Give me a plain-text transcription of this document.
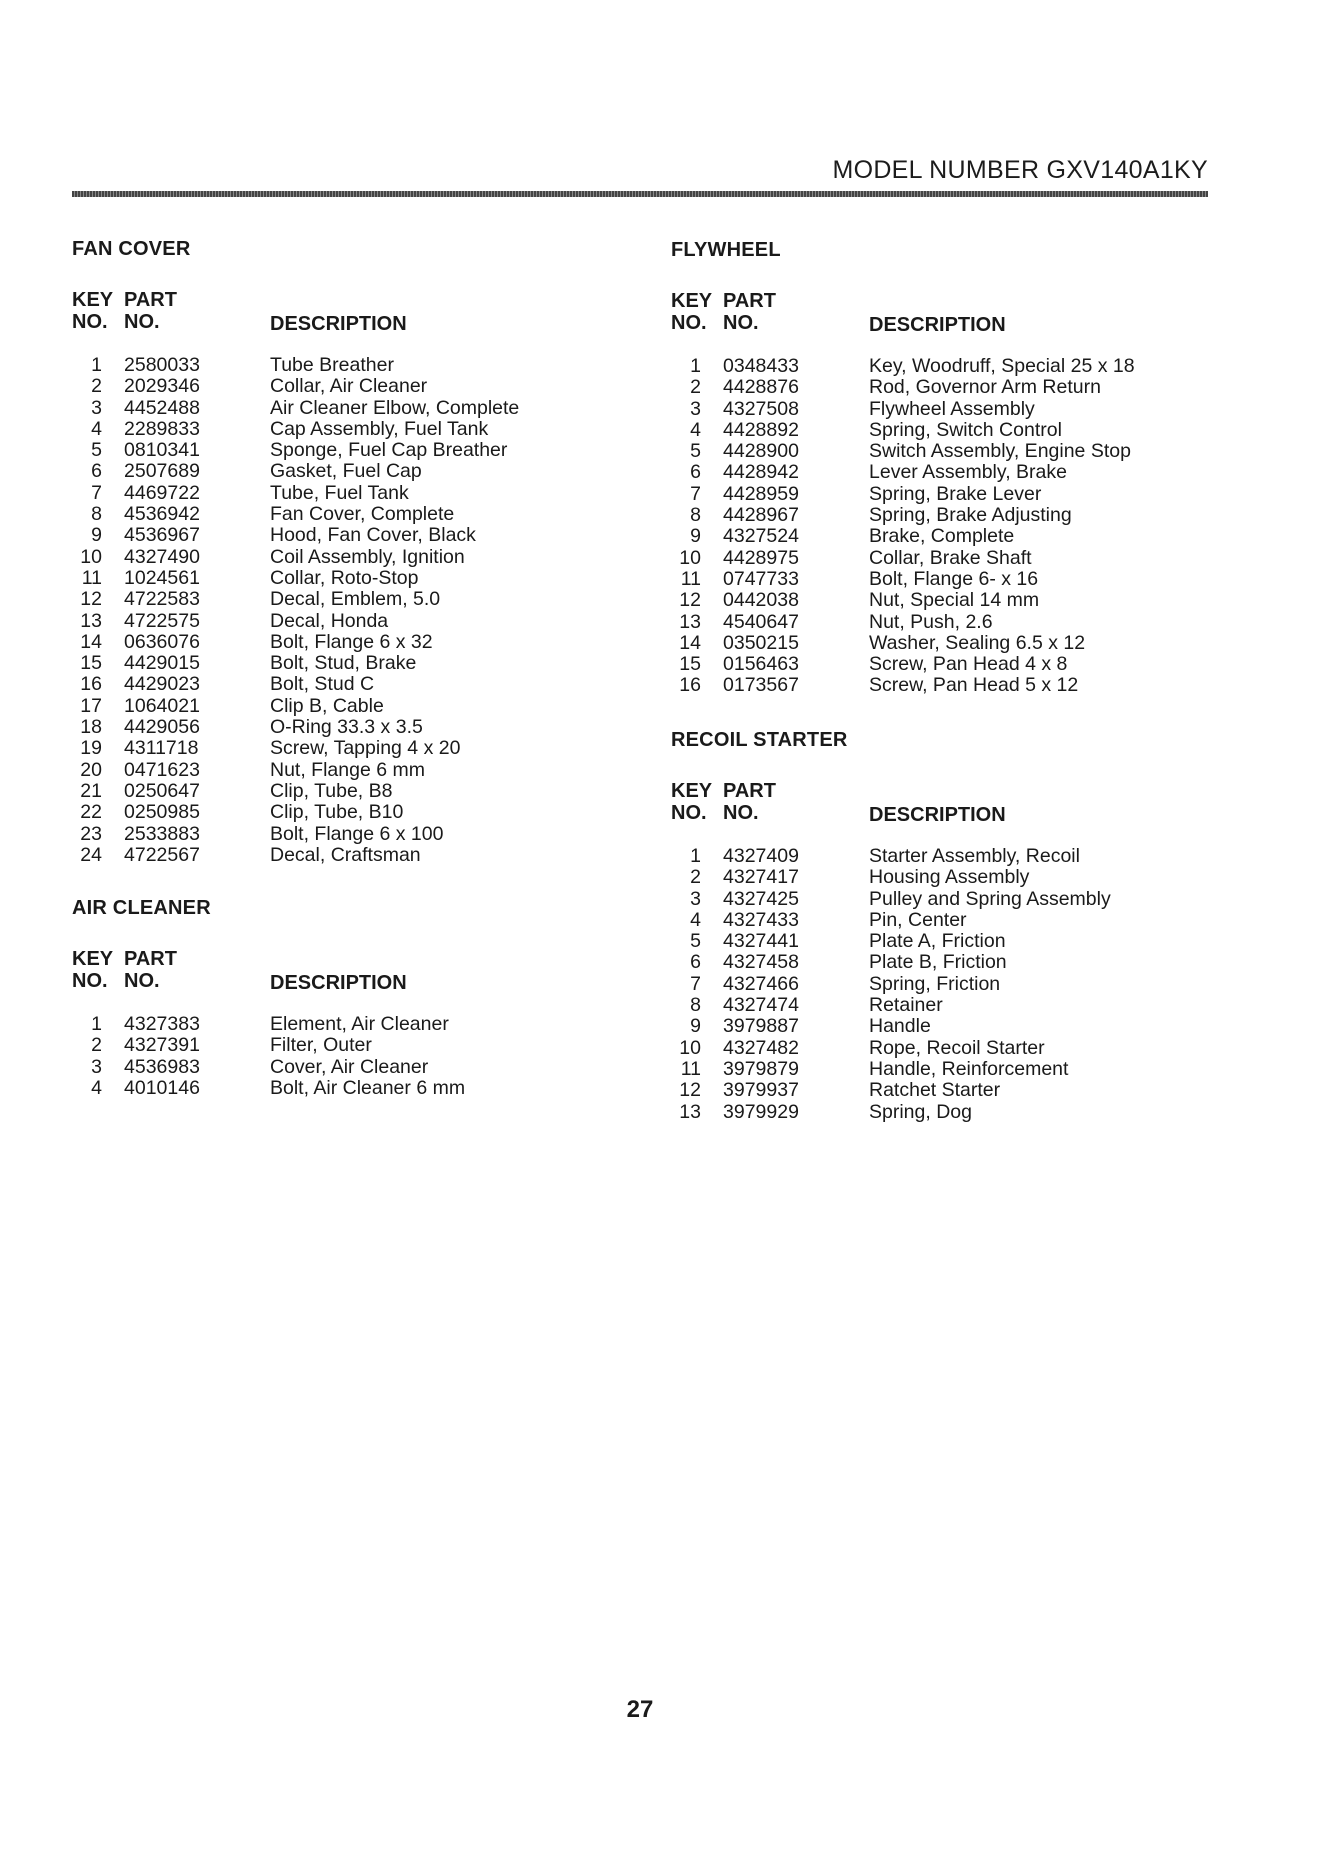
MODEL NUMBER GXV140A1KY
FAN COVER
KEY
NO.
PART
NO.	DESCRIPTION
1 2580033	Tube Breather
2 2029346	Collar, Air Cleaner
3 4452488	Air Cleaner Elbow, Complete
4 2289833	Cap Assembly, Fuel Tank
5 0810341	Sponge, Fuel Cap Breather
6 2507689	Gasket, Fuel Cap
7 4469722	Tube, Fuel Tank
8 4536942	Fan Cover, Complete
9 4536967	Hood, Fan Cover, Black
10 4327490	Coil Assembly, Ignition
11 1024561	Collar, Roto-Stop
12 4722583	Decal, Emblem, 5.0
13 4722575	Decal, Honda
14 0636076	Bolt, Flange 6 x 32
15 4429015	Bolt, Stud, Brake
16 4429023	Bolt, Stud C
17 1064021	Clip B, Cable
18 4429056	O-Ring 33.3 x 3.5
19 4311718	Screw, Tapping 4 x 20
20 0471623	Nut, Flange 6 mm
21 0250647	Clip, Tube, B8
22 0250985	Clip, Tube, B10
23 2533883	Bolt, Flange 6 x 100
24 4722567	Decal, Craftsman
AIR CLEANER
KEY
NO.
PART
NO.	DESCRIPTION
1 4327383	Element, Air Cleaner
2 4327391	Filter, Outer
3 4536983	Cover, Air Cleaner
4 4010146	Bolt, Air Cleaner 6 mm
FLYWHEEL
KEY
NO.
PART
NO.	DESCRIPTION
1 0348433	Key, Woodruff, Special 25 x 18
2 4428876	Rod, Governor Arm Return
3 4327508	Flywheel Assembly
4 4428892	Spring, Switch Control
5 4428900	Switch Assembly, Engine Stop
6 4428942	Lever Assembly, Brake
7 4428959	Spring, Brake Lever
8 4428967	Spring, Brake Adjusting
9 4327524	Brake, Complete
10 4428975	Collar, Brake Shaft
11 0747733	Bolt, Flange 6- x 16
12 0442038	Nut, Special 14 mm
13 4540647	Nut, Push, 2.6
14 0350215	Washer, Sealing 6.5 x 12
15 0156463	Screw, Pan Head 4 x 8
16 0173567	Screw, Pan Head 5 x 12
RECOIL STARTER
KEY
NO.
PART
NO.	DESCRIPTION
1 4327409	Starter Assembly, Recoil
2 4327417	Housing Assembly
3 4327425	Pulley and Spring Assembly
4 4327433	Pin, Center
5 4327441	Plate A, Friction
6 4327458	Plate B, Friction
7 4327466	Spring, Friction
8 4327474	Retainer
9 3979887	Handle
10 4327482	Rope, Recoil Starter
11 3979879	Handle, Reinforcement
12 3979937	Ratchet Starter
13 3979929	Spring, Dog
27
